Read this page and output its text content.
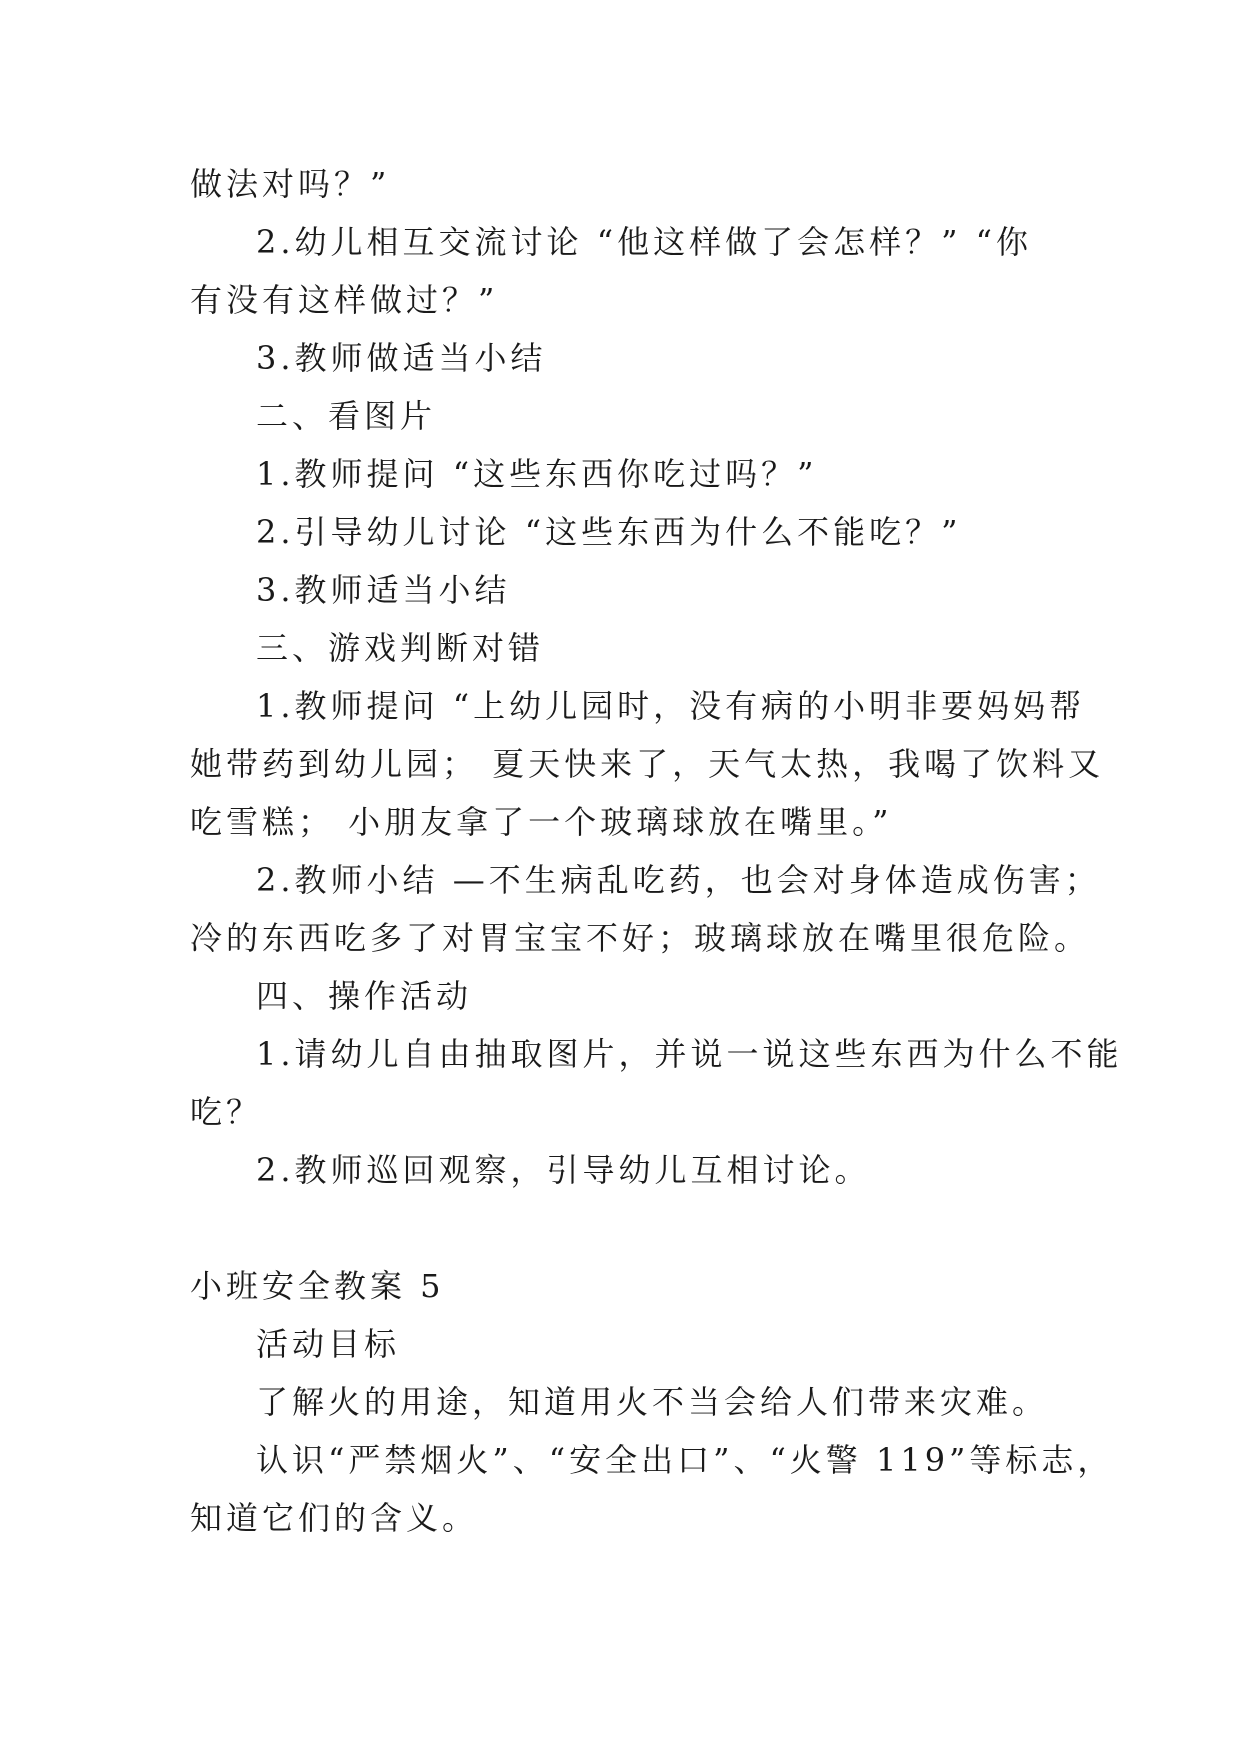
做法对吗？”
2.幼儿相互交流讨论 “他这样做了会怎样？” “你
有没有这样做过？”
3.教师做适当小结
二、看图片
1.教师提问 “这些东西你吃过吗？”
2.引导幼儿讨论 “这些东西为什么不能吃？”
3.教师适当小结
三、游戏判断对错
1.教师提问 “上幼儿园时，没有病的小明非要妈妈帮
她带药到幼儿园； 夏天快来了，天气太热，我喝了饮料又
吃雪糕； 小朋友拿了一个玻璃球放在嘴里。”
2.教师小结 —不生病乱吃药，也会对身体造成伤害；
冷的东西吃多了对胃宝宝不好；玻璃球放在嘴里很危险。
四、操作活动
1.请幼儿自由抽取图片，并说一说这些东西为什么不能
吃？
2.教师巡回观察，引导幼儿互相讨论。
小班安全教案 5
活动目标
了解火的用途，知道用火不当会给人们带来灾难。
认识“严禁烟火”、“安全出口”、“火警 119”等标志，
知道它们的含义。
